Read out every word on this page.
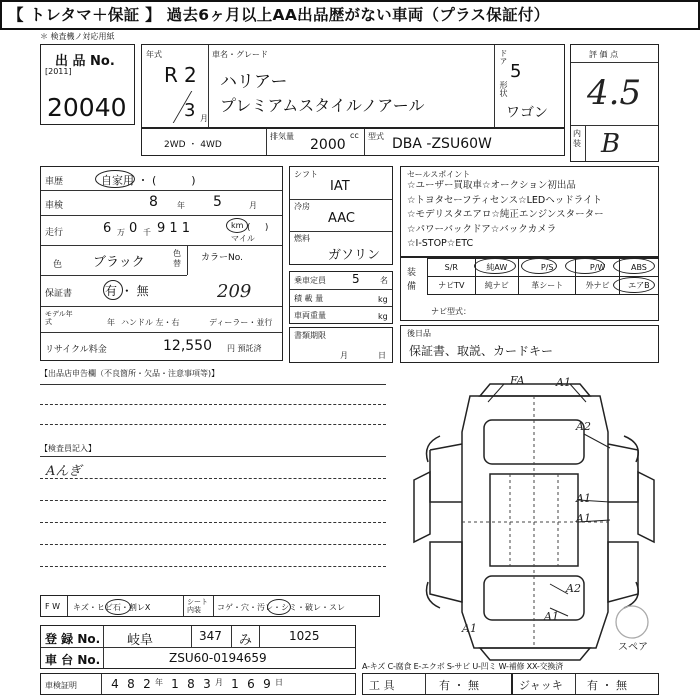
【 トレタマ＋保証 】 過去6ヶ月以上AA出品歴がない車両（プラス保証付）
＊ 検査機ノ対応用紙
出 品 No.
[2011]
20040
年式
R 2
3 月
車名・グレード
ハリアー
プレミアムスタイルノアール
ドア
5
形状
ワゴン
評 価 点
4.5
内装 B
2WD ・ 4WD
排気量
2000
cc 型式 DBA -ZSU60W
車歴	自家用 ・ (          )
車検	8 年 5	月
走行	6 万 0 千 9 1 1	km
マイル
(     )
色 ブラック
色替
カラーNo.
保証書	有 ・ 無	209
モデル年式	年 ハンドル 左・右	ディーラー・並行
リサイクル料金	12,550 円 預託済
シフト
IAT
冷房
AAC
燃料
ガソリン
乗車定員 5	名
積 載 量	kg
車両重量	kg
書類期限
月	日
セールスポイント
☆ユーザー買取車☆オークション初出品
☆トヨタセーフティセンス☆LEDヘッドライト
☆モデリスタエアロ☆純正エンジンスターター
☆パワーバックドア☆バックカメラ
☆I-STOP☆ETC
装 備
S/R	純AW	P/S	P/W	ABS
ナビTV	純ナビ	革シート	外ナビ	エアB
ナビ型式：
後日品
保証書、取説、カードキー
【出品店申告欄（不良箇所・欠品・注意事項等)】
【検査員記入】
Aんぎ
FA	A1
A2
A1
A1
A2
A1
A1
スペア
F W キズ・ヒビ石・割レX
シート内装	コゲ・穴・汚レ・シミ・破レ・スレ
登 録 No. 岐阜	347 み	1025
車 台 No.	ZSU60-0194659
A-キズ C-腐食 E-エクボ S-サビ U-凹ミ W-補修 XX-交換済
車検証明	4 8 2 年 1 8 3 月 1 6 9 日	工 具	有 ・ 無	ジャッキ 有 ・ 無
